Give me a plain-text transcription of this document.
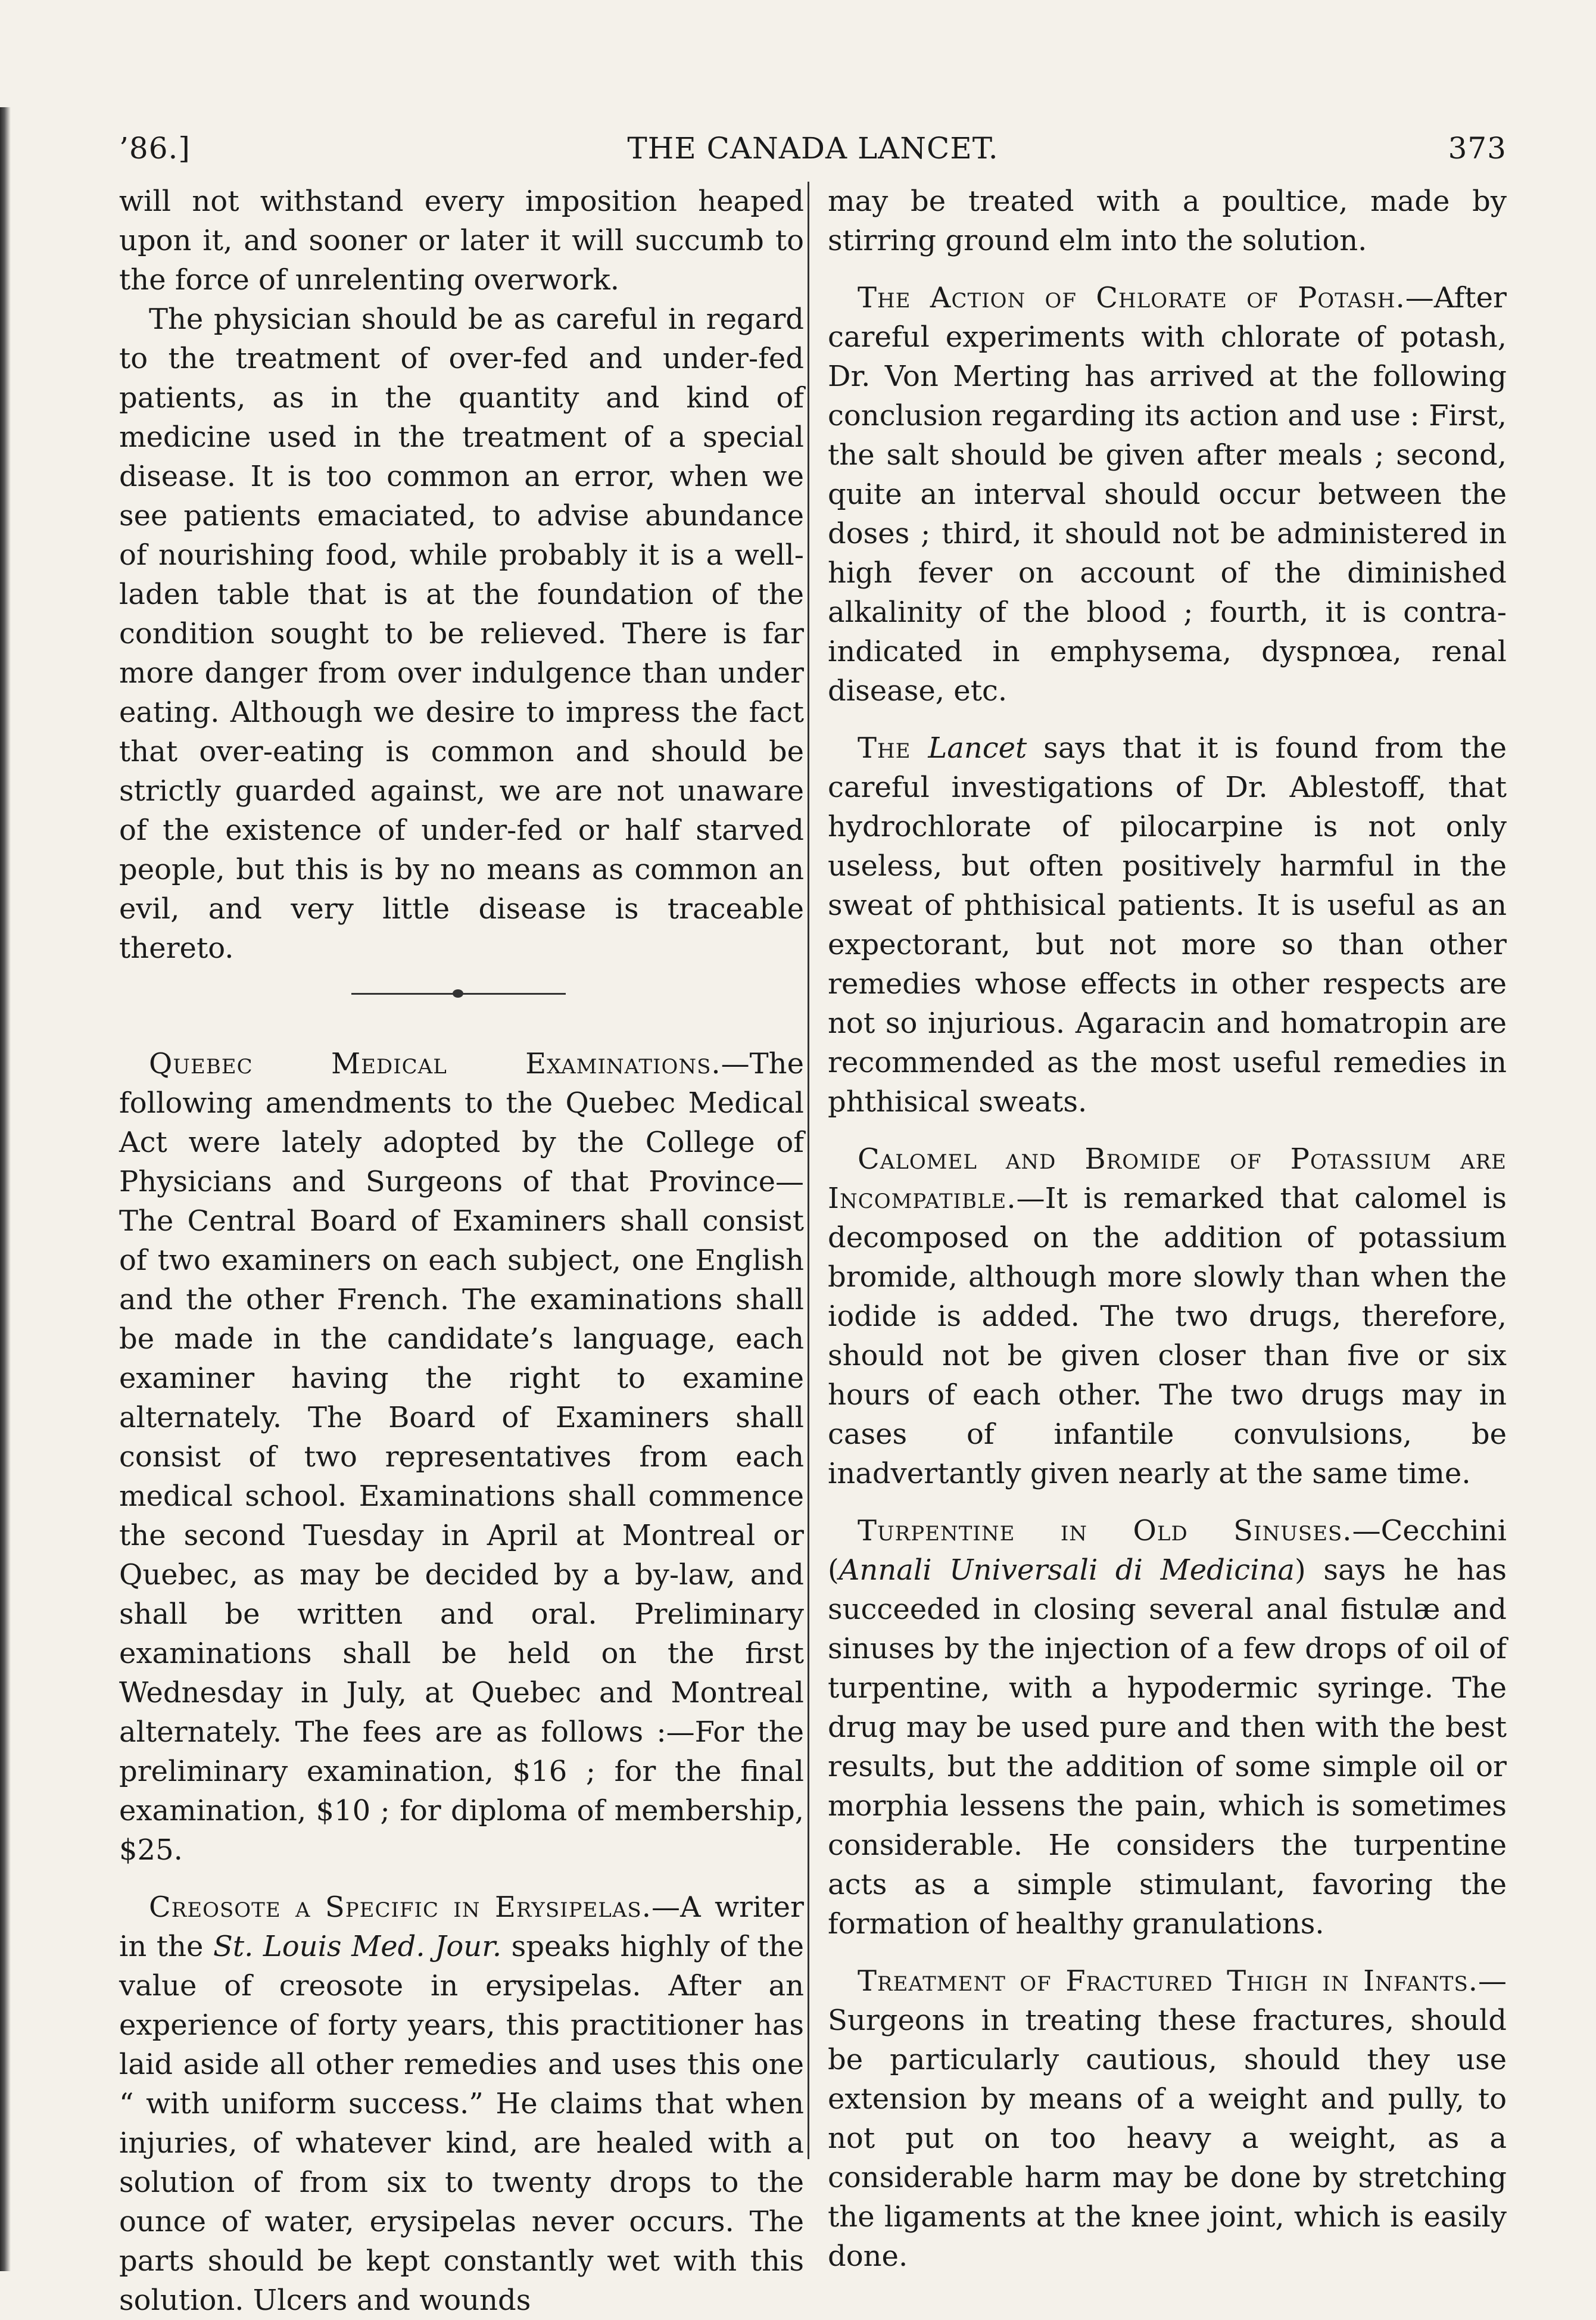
’86.]	THE CANADA LANCET.	373

will not withstand every imposition heaped upon it, and sooner or later it will succumb to the force of unrelenting overwork.

The physician should be as careful in regard to the treatment of over-fed and under-fed patients, as in the quantity and kind of medicine used in the treatment of a special disease. It is too common an error, when we see patients emaciated, to advise abundance of nourishing food, while probably it is a well-laden table that is at the foundation of the condition sought to be relieved. There is far more danger from over indulgence than under eating. Although we desire to impress the fact that over-eating is common and should be strictly guarded against, we are not unaware of the existence of under-fed or half starved people, but this is by no means as common an evil, and very little disease is traceable thereto.

Quebec Medical Examinations.—The following amendments to the Quebec Medical Act were lately adopted by the College of Physicians and Surgeons of that Province—The Central Board of Examiners shall consist of two examiners on each subject, one English and the other French. The examinations shall be made in the candidate’s language, each examiner having the right to examine alternately. The Board of Examiners shall consist of two representatives from each medical school. Examinations shall commence the second Tuesday in April at Montreal or Quebec, as may be decided by a by-law, and shall be written and oral. Preliminary examinations shall be held on the first Wednesday in July, at Quebec and Montreal alternately. The fees are as follows :—For the preliminary examination, $16 ; for the final examination, $10 ; for diploma of membership, $25.

Creosote a Specific in Erysipelas.—A writer in the St. Louis Med. Jour. speaks highly of the value of creosote in erysipelas. After an experience of forty years, this practitioner has laid aside all other remedies and uses this one “ with uniform success.” He claims that when injuries, of whatever kind, are healed with a solution of from six to twenty drops to the ounce of water, erysipelas never occurs. The parts should be kept constantly wet with this solution. Ulcers and wounds

may be treated with a poultice, made by stirring ground elm into the solution.

The Action of Chlorate of Potash.—After careful experiments with chlorate of potash, Dr. Von Merting has arrived at the following conclusion regarding its action and use : First, the salt should be given after meals ; second, quite an interval should occur between the doses ; third, it should not be administered in high fever on account of the diminished alkalinity of the blood ; fourth, it is contra-indicated in emphysema, dyspnœa, renal disease, etc.

The Lancet says that it is found from the careful investigations of Dr. Ablestoff, that hydrochlorate of pilocarpine is not only useless, but often positively harmful in the sweat of phthisical patients. It is useful as an expectorant, but not more so than other remedies whose effects in other respects are not so injurious. Agaracin and homatropin are recommended as the most useful remedies in phthisical sweats.

Calomel and Bromide of Potassium are Incompatible.—It is remarked that calomel is decomposed on the addition of potassium bromide, although more slowly than when the iodide is added. The two drugs, therefore, should not be given closer than five or six hours of each other. The two drugs may in cases of infantile convulsions, be inadvertantly given nearly at the same time.

Turpentine in Old Sinuses.—Cecchini (Annali Universali di Medicina) says he has succeeded in closing several anal fistulæ and sinuses by the injection of a few drops of oil of turpentine, with a hypodermic syringe. The drug may be used pure and then with the best results, but the addition of some simple oil or morphia lessens the pain, which is sometimes considerable. He considers the turpentine acts as a simple stimulant, favoring the formation of healthy granulations.

Treatment of Fractured Thigh in Infants.—Surgeons in treating these fractures, should be particularly cautious, should they use extension by means of a weight and pully, to not put on too heavy a weight, as a considerable harm may be done by stretching the ligaments at the knee joint, which is easily done.
